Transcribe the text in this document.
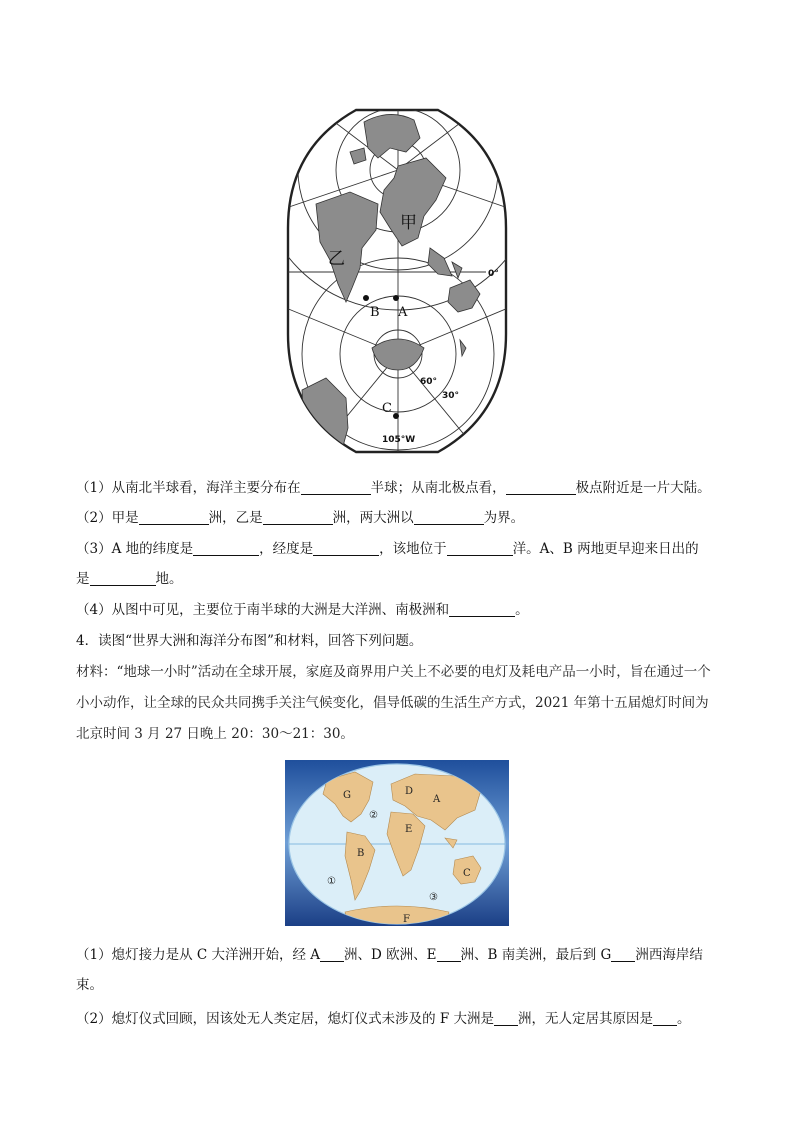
甲
乙
B A
C
0°
60°
30°
105°W
（1）从南北半球看，海洋主要分布在	半球；从南北极点看，	极点附近是一片大陆。
（2）甲是	洲，乙是	洲，两大洲以	为界。
（3）A 地的纬度是	，经度是	，该地位于	洋。A、B 两地更早迎来日出的
是	地。
（4）从图中可见，主要位于南半球的大洲是大洋洲、南极洲和	。
4．读图“世界大洲和海洋分布图”和材料，回答下列问题。
材料：“地球一小时”活动在全球开展，家庭及商界用户关上不必要的电灯及耗电产品一小时，旨在通过一个
小小动作，让全球的民众共同携手关注气候变化，倡导低碳的生活生产方式，2021 年第十五届熄灯时间为
北京时间 3 月 27 日晚上 20：30～21：30。
G
②
D
A
E
B
①
③
C
F
（1）熄灯接力是从 C 大洋洲开始，经 A 洲、D 欧洲、E 洲、B 南美洲，最后到 G 洲西海岸结
束。
（2）熄灯仪式回顾，因该处无人类定居，熄灯仪式未涉及的 F 大洲是 洲，无人定居其原因是 。
